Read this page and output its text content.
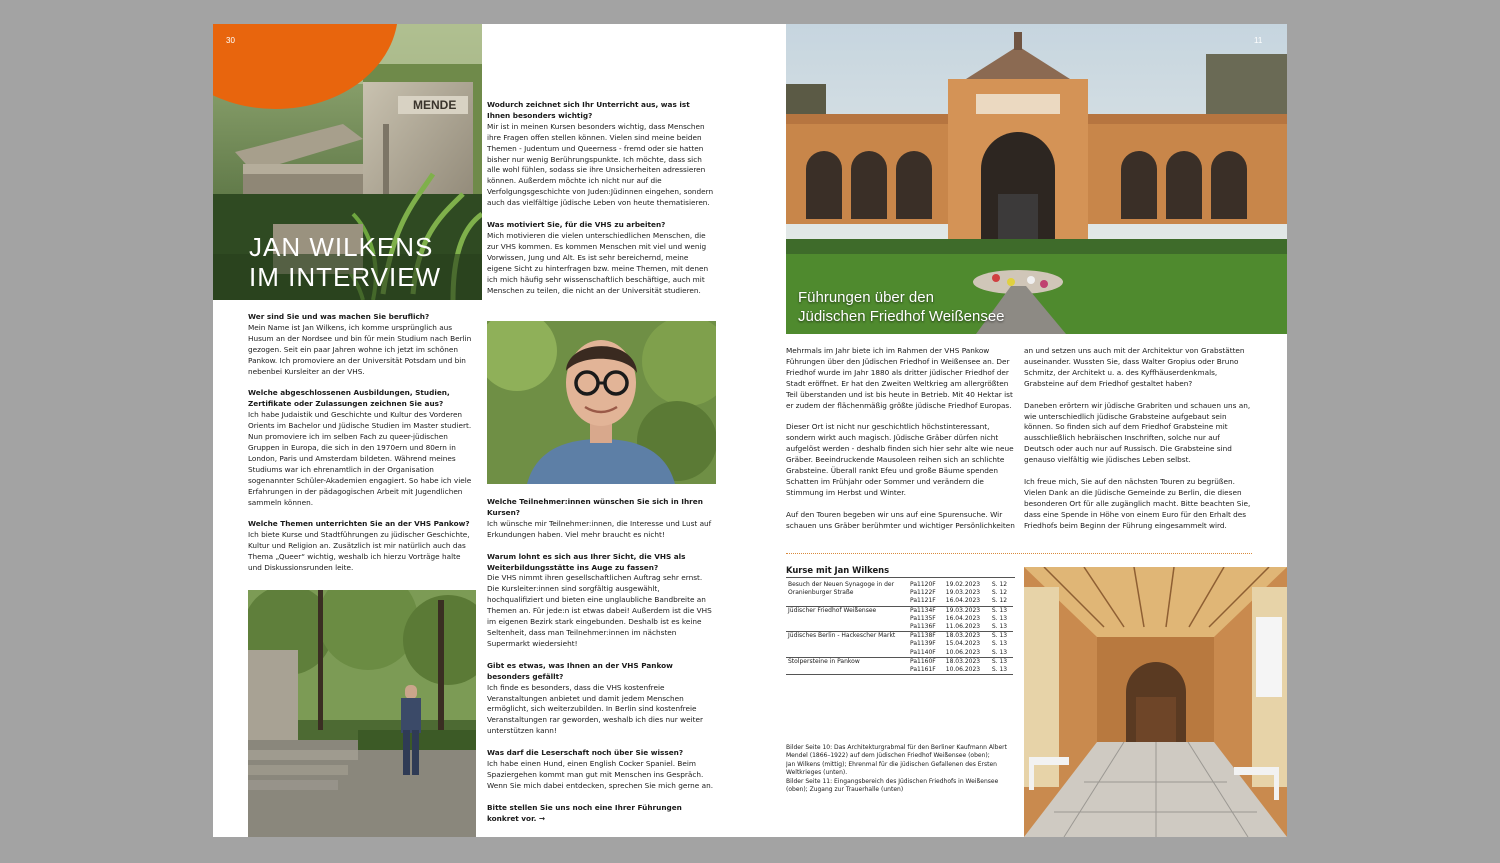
MENDE
30
JAN WILKENS
IM INTERVIEW

Wer sind Sie und was machen Sie beruflich?
Mein Name ist Jan Wilkens, ich komme ursprünglich aus Husum an der Nordsee und bin für mein Studium nach Berlin gezogen. Seit ein paar Jahren wohne ich jetzt im schönen Pankow. Ich promoviere an der Universität Potsdam und bin nebenbei Kursleiter an der VHS.

Welche abgeschlossenen Ausbildungen, Studien, Zertifikate oder Zulassungen zeichnen Sie aus?
Ich habe Judaistik und Geschichte und Kultur des Vorderen Orients im Bachelor und Jüdische Studien im Master studiert. Nun promoviere ich im selben Fach zu queer-jüdischen Gruppen in Europa, die sich in den 1970ern und 80ern in London, Paris und Amsterdam bildeten. Während meines Studiums war ich ehrenamtlich in der Organisation sogenannter Schüler-Akademien engagiert. So habe ich viele Erfahrungen in der pädagogischen Arbeit mit Jugendlichen sammeln können.

Welche Themen unterrichten Sie an der VHS Pankow?
Ich biete Kurse und Stadtführungen zu jüdischer Geschichte, Kultur und Religion an. Zusätzlich ist mir natürlich auch das Thema „Queer“ wichtig, weshalb ich hierzu Vorträge halte und Diskussionsrunden leite.

Wodurch zeichnet sich Ihr Unterricht aus, was ist Ihnen besonders wichtig?
Mir ist in meinen Kursen besonders wichtig, dass Menschen ihre Fragen offen stellen können. Vielen sind meine beiden Themen - Judentum und Queerness - fremd oder sie hatten bisher nur wenig Berührungspunkte. Ich möchte, dass sich alle wohl fühlen, sodass sie ihre Unsicherheiten adressieren können. Außerdem möchte ich nicht nur auf die Verfolgungsgeschichte von Juden:Jüdinnen eingehen, sondern auch das vielfältige jüdische Leben von heute thematisieren.

Was motiviert Sie, für die VHS zu arbeiten?
Mich motivieren die vielen unterschiedlichen Menschen, die zur VHS kommen. Es kommen Menschen mit viel und wenig Vorwissen, Jung und Alt. Es ist sehr bereichernd, meine eigene Sicht zu hinterfragen bzw. meine Themen, mit denen ich mich häufig sehr wissenschaftlich beschäftige, auch mit Menschen zu teilen, die nicht an der Universität studieren.

Welche Teilnehmer:innen wünschen Sie sich in Ihren Kursen?
Ich wünsche mir Teilnehmer:innen, die Interesse und Lust auf Erkundungen haben. Viel mehr braucht es nicht!

Warum lohnt es sich aus Ihrer Sicht, die VHS als Weiterbildungsstätte ins Auge zu fassen?
Die VHS nimmt ihren gesellschaftlichen Auftrag sehr ernst. Die Kursleiter:innen sind sorgfältig ausgewählt, hochqualifiziert und bieten eine unglaubliche Bandbreite an Themen an. Für jede:n ist etwas dabei! Außerdem ist die VHS im eigenen Bezirk stark eingebunden. Deshalb ist es keine Seltenheit, dass man Teilnehmer:innen im nächsten Supermarkt wiedersieht!

Gibt es etwas, was Ihnen an der VHS Pankow besonders gefällt?
Ich finde es besonders, dass die VHS kostenfreie Veranstaltungen anbietet und damit jedem Menschen ermöglicht, sich weiterzubilden. In Berlin sind kostenfreie Veranstaltungen rar geworden, weshalb ich dies nur weiter unterstützen kann!

Was darf die Leserschaft noch über Sie wissen?
Ich habe einen Hund, einen English Cocker Spaniel. Beim Spaziergehen kommt man gut mit Menschen ins Gespräch. Wenn Sie mich dabei entdecken, sprechen Sie mich gerne an.

Bitte stellen Sie uns noch eine Ihrer Führungen konkret vor. →

11
Führungen über den
Jüdischen Friedhof Weißensee

Mehrmals im Jahr biete ich im Rahmen der VHS Pankow Führungen über den Jüdischen Friedhof in Weißensee an. Der Friedhof wurde im Jahr 1880 als dritter jüdischer Friedhof der Stadt eröffnet. Er hat den Zweiten Weltkrieg am allergrößten Teil überstanden und ist bis heute in Betrieb. Mit 40 Hektar ist er zudem der flächenmäßig größte jüdische Friedhof Europas.

Dieser Ort ist nicht nur geschichtlich höchstinteressant, sondern wirkt auch magisch. Jüdische Gräber dürfen nicht aufgelöst werden - deshalb finden sich hier sehr alte wie neue Gräber. Beeindruckende Mausoleen reihen sich an schlichte Grabsteine. Überall rankt Efeu und große Bäume spenden Schatten im Frühjahr oder Sommer und verändern die Stimmung im Herbst und Winter.

Auf den Touren begeben wir uns auf eine Spurensuche. Wir schauen uns Gräber berühmter und wichtiger Persönlichkeiten

an und setzen uns auch mit der Architektur von Grabstätten auseinander. Wussten Sie, dass Walter Gropius oder Bruno Schmitz, der Architekt u. a. des Kyffhäuserdenkmals, Grabsteine auf dem Friedhof gestaltet haben?

Daneben erörtern wir jüdische Grabriten und schauen uns an, wie unterschiedlich jüdische Grabsteine aufgebaut sein können. So finden sich auf dem Friedhof Grabsteine mit ausschließlich hebräischen Inschriften, solche nur auf Deutsch oder auch nur auf Russisch. Die Grabsteine sind genauso vielfältig wie jüdisches Leben selbst.

Ich freue mich, Sie auf den nächsten Touren zu begrüßen. Vielen Dank an die Jüdische Gemeinde zu Berlin, die diesen besonderen Ort für alle zugänglich macht. Bitte beachten Sie, dass eine Spende in Höhe von einem Euro für den Erhalt des Friedhofs beim Beginn der Führung eingesammelt wird.

Kurse mit Jan Wilkens
Besuch der Neuen Synagoge in der Oranienburger Straße	Pa1120F	19.02.2023	S. 12
	Pa1122F	19.03.2023	S. 12
	Pa1121F	16.04.2023	S. 12
Jüdischer Friedhof Weißensee	Pa1134F	19.03.2023	S. 13
	Pa1135F	16.04.2023	S. 13
	Pa1136F	11.06.2023	S. 13
Jüdisches Berlin - Hackescher Markt	Pa1138F	18.03.2023	S. 13
	Pa1139F	15.04.2023	S. 13
	Pa1140F	10.06.2023	S. 13
Stolpersteine in Pankow	Pa1160F	18.03.2023	S. 13
	Pa1161F	10.06.2023	S. 13
Bilder Seite 10: Das Architekturgrabmal für den Berliner Kaufmann Albert Mendel (1866–1922) auf dem Jüdischen Friedhof Weißensee (oben);
Jan Wilkens (mittig); Ehrenmal für die jüdischen Gefallenen des Ersten Weltkrieges (unten).
Bilder Seite 11: Eingangsbereich des Jüdischen Friedhofs in Weißensee (oben); Zugang zur Trauerhalle (unten)
